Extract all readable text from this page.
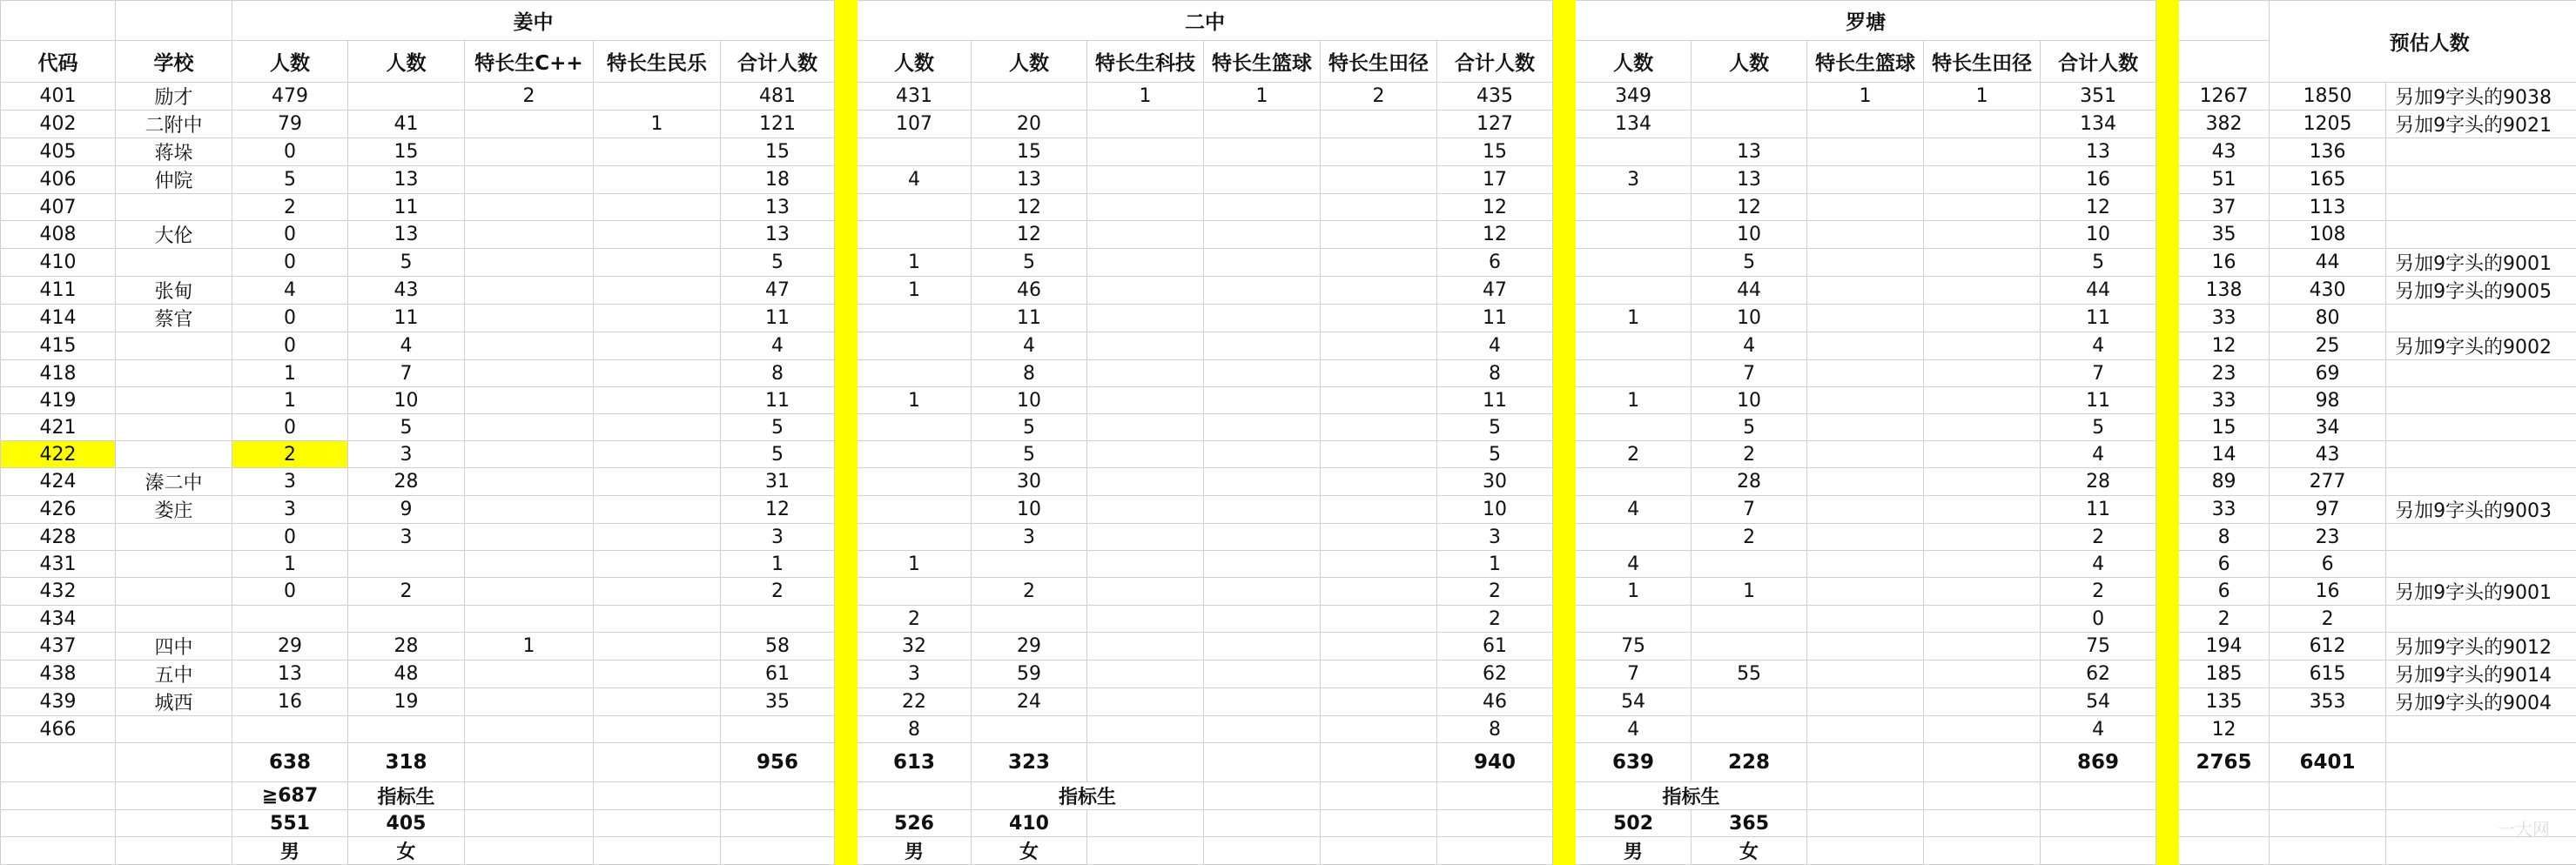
		姜中						二中							罗塘							预估人数	
代码	学校	人数	人数	特长生C++	特长生民乐	合计人数		人数	人数	特长生科技	特长生篮球	特长生田径	合计人数		人数	人数	特长生篮球	特长生田径	合计人数				
401	励才	479		2		481		431		1	1	2	435		349		1	1	351		1267	1850	另加9字头的9038
402	二附中	79	41		1	121		107	20				127		134				134		382	1205	另加9字头的9021
405	蒋垛	0	15			15			15				15			13			13		43	136	
406	仲院	5	13			18		4	13				17		3	13			16		51	165	
407		2	11			13			12				12			12			12		37	113	
408	大伦	0	13			13			12				12			10			10		35	108	
410		0	5			5		1	5				6			5			5		16	44	另加9字头的9001
411	张甸	4	43			47		1	46				47			44			44		138	430	另加9字头的9005
414	蔡官	0	11			11			11				11		1	10			11		33	80	
415		0	4			4			4				4			4			4		12	25	另加9字头的9002
418		1	7			8			8				8			7			7		23	69	
419		1	10			11		1	10				11		1	10			11		33	98	
421		0	5			5			5				5			5			5		15	34	
422		2	3			5			5				5		2	2			4		14	43	
424	溱二中	3	28			31			30				30			28			28		89	277	
426	娄庄	3	9			12			10				10		4	7			11		33	97	另加9字头的9003
428		0	3			3			3				3			2			2		8	23	
431		1				1		1					1		4				4		6	6	
432		0	2			2			2				2		1	1			2		6	16	另加9字头的9001
434								2					2						0		2	2	
437	四中	29	28	1		58		32	29				61		75				75		194	612	另加9字头的9012
438	五中	13	48			61		3	59				62		7	55			62		185	615	另加9字头的9014
439	城西	16	19			35		22	24				46		54				54		135	353	另加9字头的9004
466								8					8		4				4		12		
		638	318			956		613	323				940		639	228			869		2765	6401	
		≧687	指标生						指标生						指标生								
		551	405					526	410						502	365							
		男	女					男	女						男	女							
一大网
